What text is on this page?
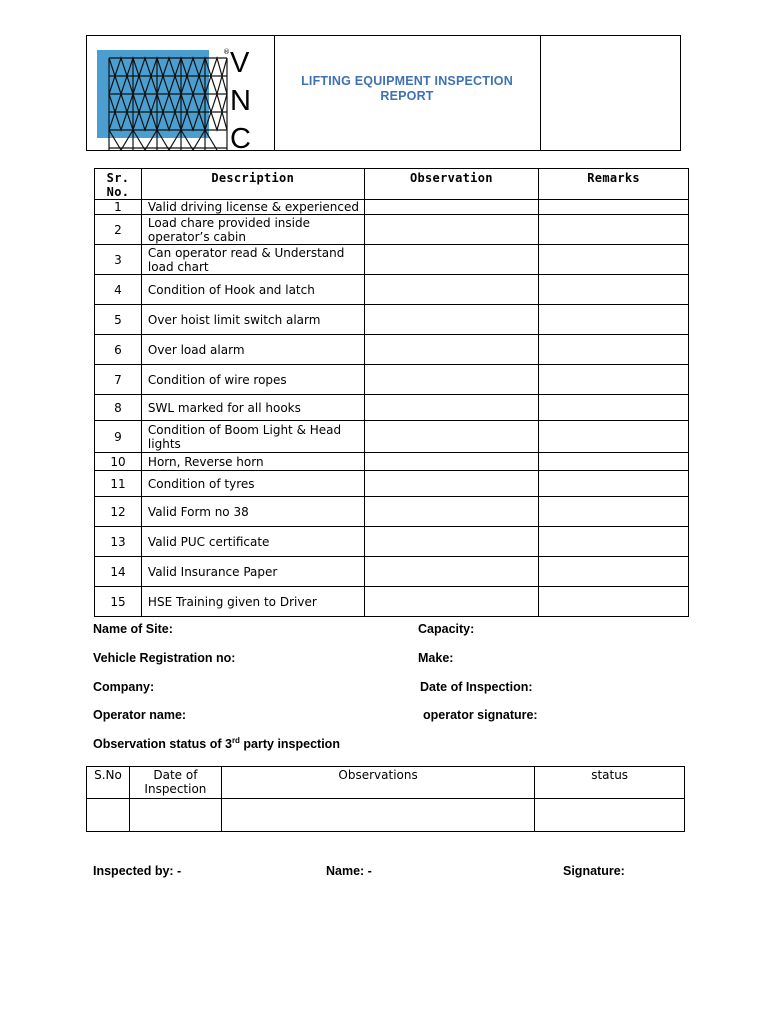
® V
N
C
LIFTING EQUIPMENT INSPECTION
REPORT
Sr. No.	Description	Observation	Remarks
1	Valid driving license & experienced		
2	Load chare provided inside operator’s cabin		
3	Can operator read & Understand load chart		
4	Condition of Hook and latch		
5	Over hoist limit switch alarm		
6	Over load alarm		
7	Condition of wire ropes		
8	SWL marked for all hooks		
9	Condition of Boom Light & Head lights		
10	Horn, Reverse horn		
11	Condition of tyres		
12	Valid Form no 38		
13	Valid PUC certificate		
14	Valid Insurance Paper		
15	HSE Training given to Driver		
Name of Site:	Capacity:
Vehicle Registration no:	Make:
Company:	Date of Inspection:
Operator name:	operator signature:
Observation status of 3rd party inspection
S.No	Date of Inspection	Observations	status

Inspected by: -	Name: -	Signature:
